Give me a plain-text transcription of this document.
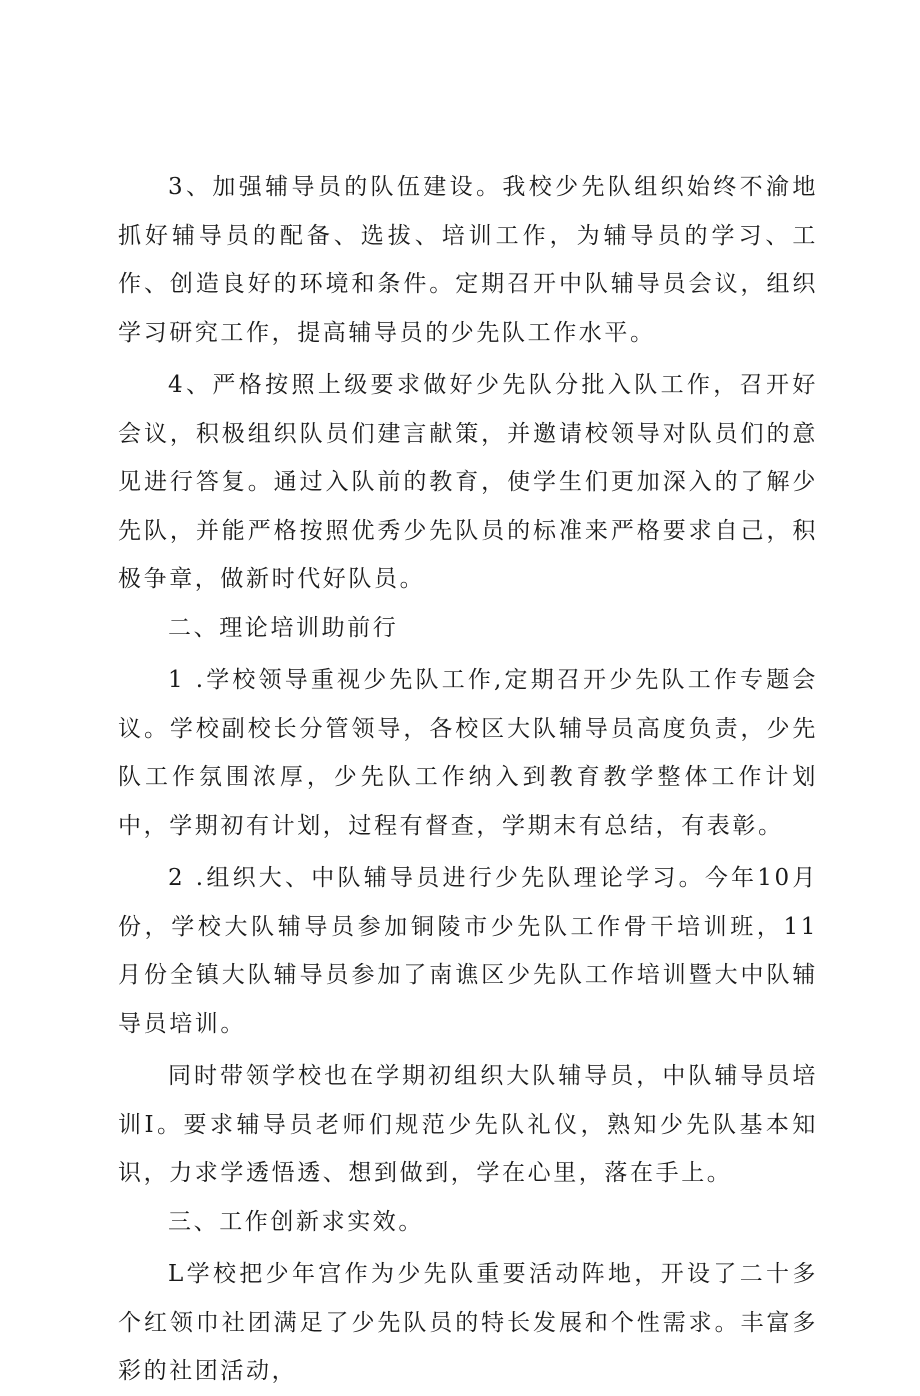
3、加强辅导员的队伍建设。我校少先队组织始终不渝地抓好辅导员的配备、选拔、培训工作，为辅导员的学习、工作、创造良好的环境和条件。定期召开中队辅导员会议，组织学习研究工作，提高辅导员的少先队工作水平。

4、严格按照上级要求做好少先队分批入队工作，召开好会议，积极组织队员们建言献策，并邀请校领导对队员们的意见进行答复。通过入队前的教育，使学生们更加深入的了解少先队，并能严格按照优秀少先队员的标准来严格要求自己，积极争章，做新时代好队员。

二、理论培训助前行

1 .学校领导重视少先队工作,定期召开少先队工作专题会议。学校副校长分管领导，各校区大队辅导员高度负责，少先队工作氛围浓厚，少先队工作纳入到教育教学整体工作计划中，学期初有计划，过程有督查，学期末有总结，有表彰。

2 .组织大、中队辅导员进行少先队理论学习。今年10月份，学校大队辅导员参加铜陵市少先队工作骨干培训班，11月份全镇大队辅导员参加了南谯区少先队工作培训暨大中队辅导员培训。

同时带领学校也在学期初组织大队辅导员，中队辅导员培训I。要求辅导员老师们规范少先队礼仪，熟知少先队基本知识，力求学透悟透、想到做到，学在心里，落在手上。

三、工作创新求实效。

L学校把少年宫作为少先队重要活动阵地，开设了二十多个红领巾社团满足了少先队员的特长发展和个性需求。丰富多彩的社团活动，
